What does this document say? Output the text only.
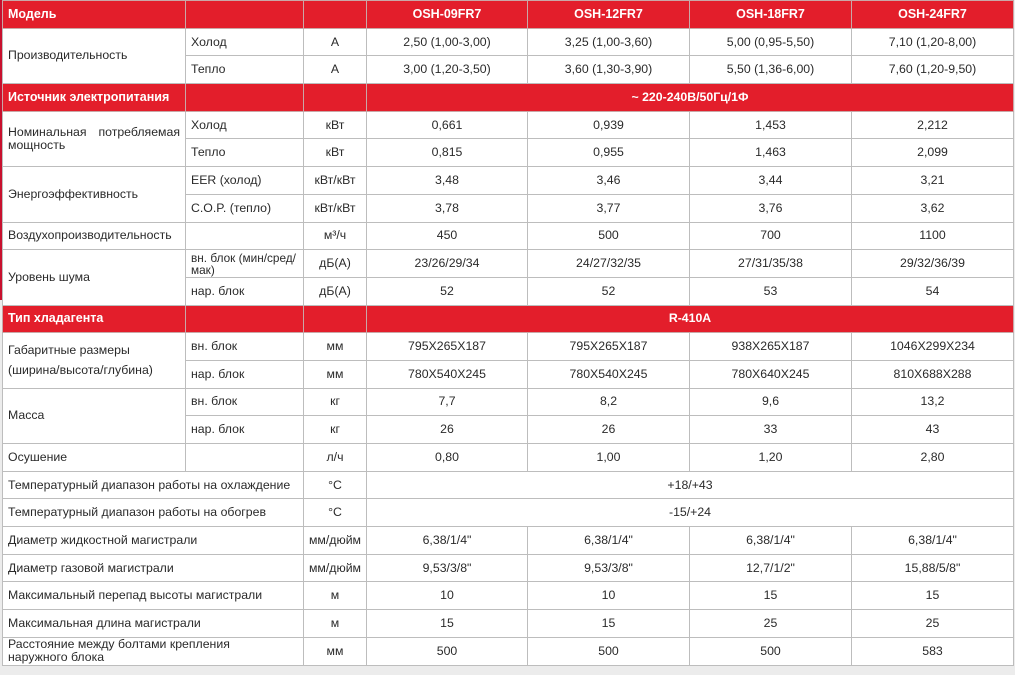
Модель			OSH-09FR7	OSH-12FR7	OSH-18FR7	OSH-24FR7
Производительность	Холод	А	2,50 (1,00-3,00)	3,25 (1,00-3,60)	5,00 (0,95-5,50)	7,10 (1,20-8,00)
	Тепло	А	3,00 (1,20-3,50)	3,60 (1,30-3,90)	5,50 (1,36-6,00)	7,60 (1,20-9,50)
Источник электропитания			~ 220-240В/50Гц/1Ф			
Номинальная потребляемая мощность	Холод	кВт	0,661	0,939	1,453	2,212
	Тепло	кВт	0,815	0,955	1,463	2,099
Энергоэффективность	EER (холод)	кВт/кВт	3,48	3,46	3,44	3,21
	C.O.P. (тепло)	кВт/кВт	3,78	3,77	3,76	3,62
Воздухопроизводительность		м³/ч	450	500	700	1100
Уровень шума	вн. блок (мин/сред/мак)	дБ(А)	23/26/29/34	24/27/32/35	27/31/35/38	29/32/36/39
	нар. блок	дБ(А)	52	52	53	54
Тип хладагента			R-410A			
Габаритные размеры (ширина/высота/глубина)	вн. блок	мм	795X265X187	795X265X187	938X265X187	1046X299X234
	нар. блок	мм	780X540X245	780X540X245	780X640X245	810X688X288
Масса	вн. блок	кг	7,7	8,2	9,6	13,2
	нар. блок	кг	26	26	33	43
Осушение		л/ч	0,80	1,00	1,20	2,80
Температурный диапазон работы на охлаждение		°С	+18/+43			
Температурный диапазон работы на обогрев		°С	-15/+24			
Диаметр жидкостной магистрали		мм/дюйм	6,38/1/4"	6,38/1/4"	6,38/1/4"	6,38/1/4"
Диаметр газовой магистрали		мм/дюйм	9,53/3/8"	9,53/3/8"	12,7/1/2"	15,88/5/8"
Максимальный перепад высоты магистрали		м	10	10	15	15
Максимальная длина магистрали		м	15	15	25	25
Расстояние между болтами крепления наружного блока		мм	500	500	500	583
